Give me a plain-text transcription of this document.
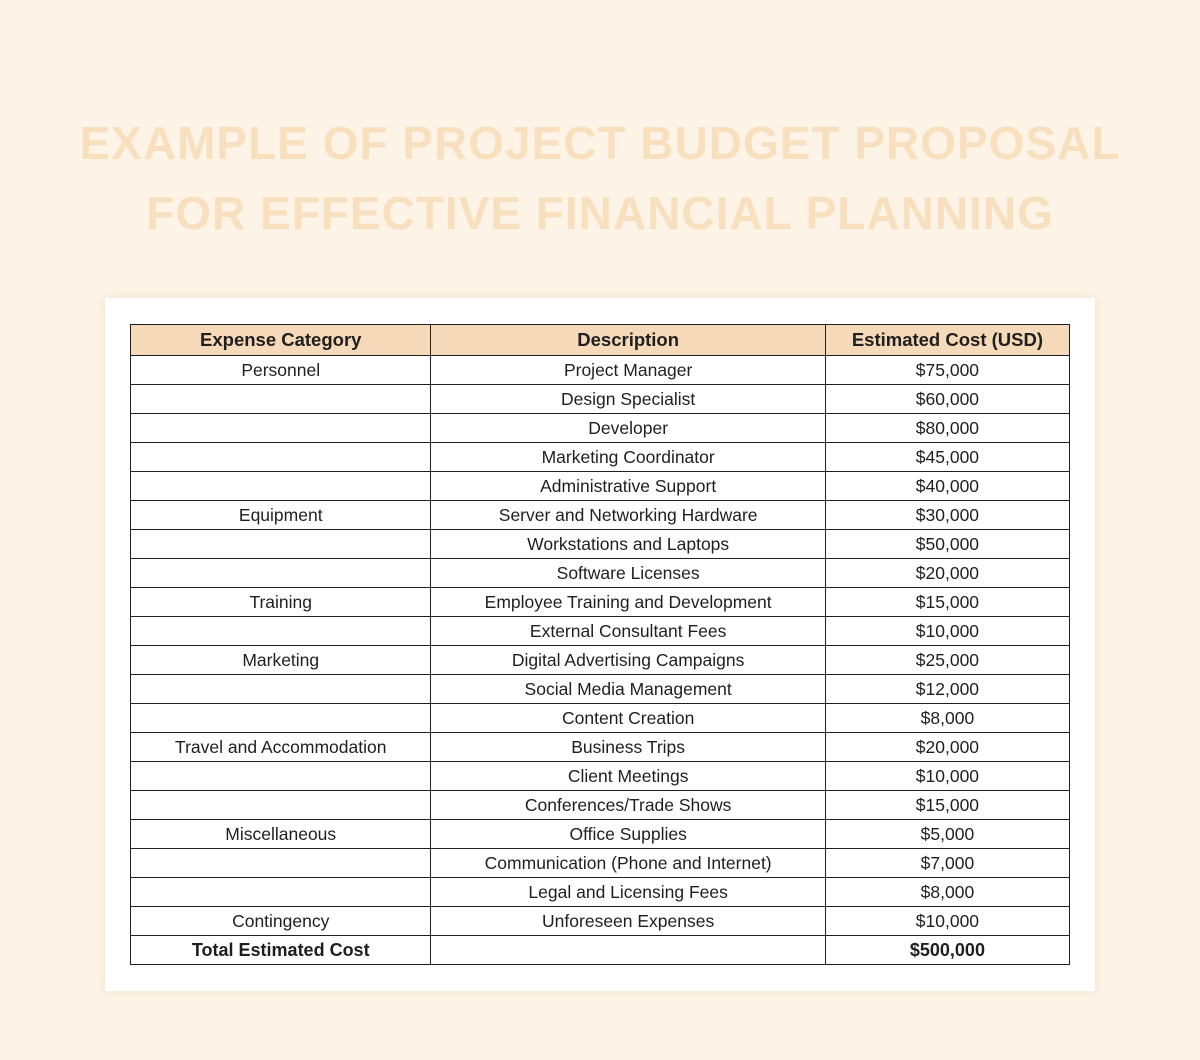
EXAMPLE OF PROJECT BUDGET PROPOSAL
FOR EFFECTIVE FINANCIAL PLANNING
Expense Category	Description	Estimated Cost (USD)
Personnel	Project Manager	$75,000
	Design Specialist	$60,000
	Developer	$80,000
	Marketing Coordinator	$45,000
	Administrative Support	$40,000
Equipment	Server and Networking Hardware	$30,000
	Workstations and Laptops	$50,000
	Software Licenses	$20,000
Training	Employee Training and Development	$15,000
	External Consultant Fees	$10,000
Marketing	Digital Advertising Campaigns	$25,000
	Social Media Management	$12,000
	Content Creation	$8,000
Travel and Accommodation	Business Trips	$20,000
	Client Meetings	$10,000
	Conferences/Trade Shows	$15,000
Miscellaneous	Office Supplies	$5,000
	Communication (Phone and Internet)	$7,000
	Legal and Licensing Fees	$8,000
Contingency	Unforeseen Expenses	$10,000
Total Estimated Cost		$500,000
